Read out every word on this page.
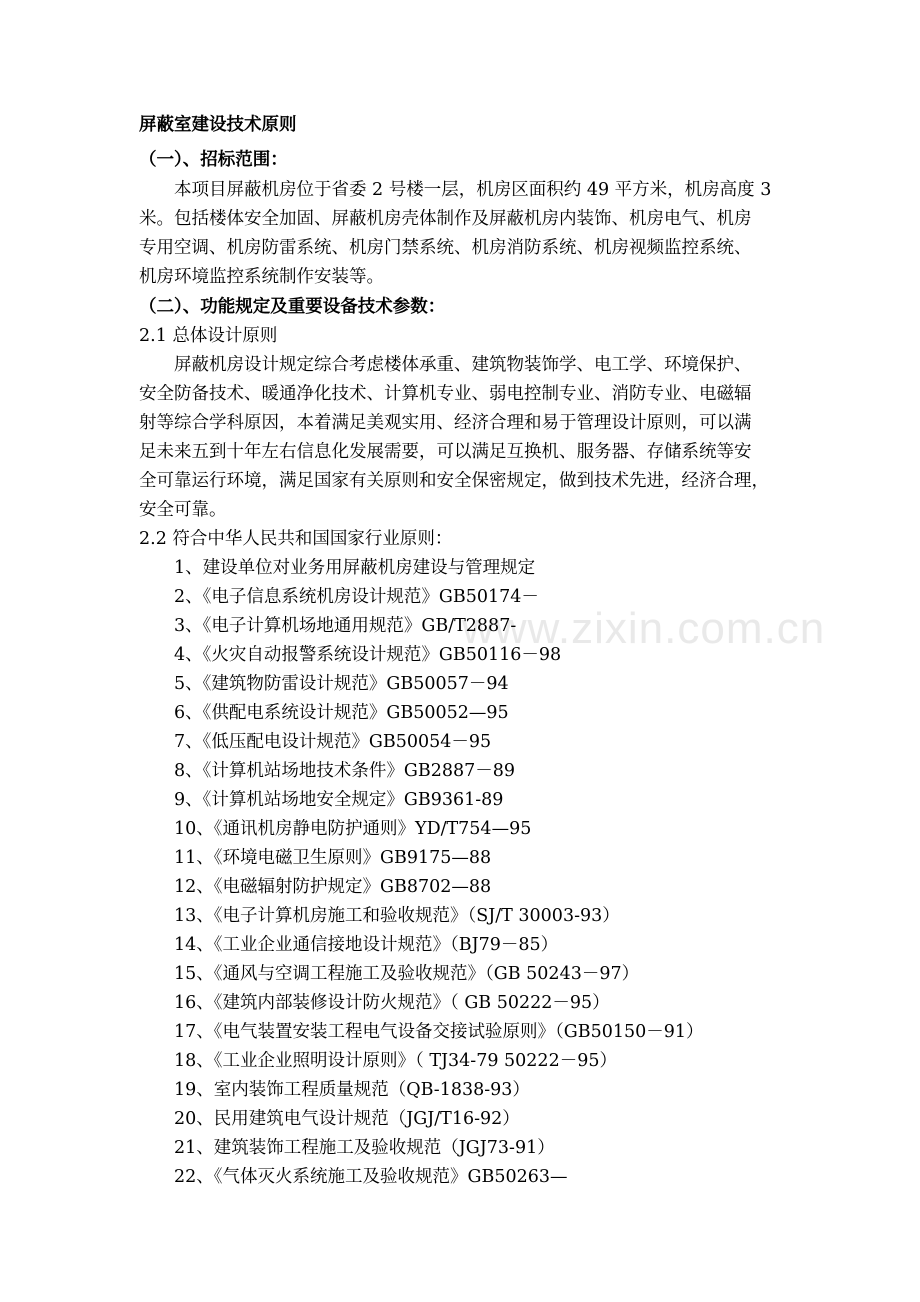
www.zixin.com.cn
屏蔽室建设技术原则
（一）、招标范围：
本项目屏蔽机房位于省委 2 号楼一层，机房区面积约 49 平方米，机房高度 3
米。包括楼体安全加固、屏蔽机房壳体制作及屏蔽机房内装饰、机房电气、机房
专用空调、机房防雷系统、机房门禁系统、机房消防系统、机房视频监控系统、
机房环境监控系统制作安装等。
（二）、功能规定及重要设备技术参数：
2.1 总体设计原则
屏蔽机房设计规定综合考虑楼体承重、建筑物装饰学、电工学、环境保护、
安全防备技术、暖通净化技术、计算机专业、弱电控制专业、消防专业、电磁辐
射等综合学科原因，本着满足美观实用、经济合理和易于管理设计原则，可以满
足未来五到十年左右信息化发展需要，可以满足互换机、服务器、存储系统等安
全可靠运行环境，满足国家有关原则和安全保密规定，做到技术先进，经济合理，
安全可靠。
2.2 符合中华人民共和国国家行业原则：
1、建设单位对业务用屏蔽机房建设与管理规定
2、《电子信息系统机房设计规范》GB50174－
3、《电子计算机场地通用规范》GB/T2887-
4、《火灾自动报警系统设计规范》GB50116－98
5、《建筑物防雷设计规范》GB50057－94
6、《供配电系统设计规范》GB50052—95
7、《低压配电设计规范》GB50054－95
8、《计算机站场地技术条件》GB2887－89
9、《计算机站场地安全规定》GB9361-89
10、《通讯机房静电防护通则》YD/T754—95
11、《环境电磁卫生原则》GB9175—88
12、《电磁辐射防护规定》GB8702—88
13、《电子计算机房施工和验收规范》（SJ/T 30003-93）
14、《工业企业通信接地设计规范》（BJ79－85）
15、《通风与空调工程施工及验收规范》（GB 50243－97）
16、《建筑内部装修设计防火规范》（ GB 50222－95）
17、《电气装置安装工程电气设备交接试验原则》（GB50150－91）
18、《工业企业照明设计原则》（ TJ34-79 50222－95）
19、室内装饰工程质量规范（QB-1838-93）
20、民用建筑电气设计规范（JGJ/T16-92）
21、建筑装饰工程施工及验收规范（JGJ73-91）
22、《气体灭火系统施工及验收规范》GB50263—
